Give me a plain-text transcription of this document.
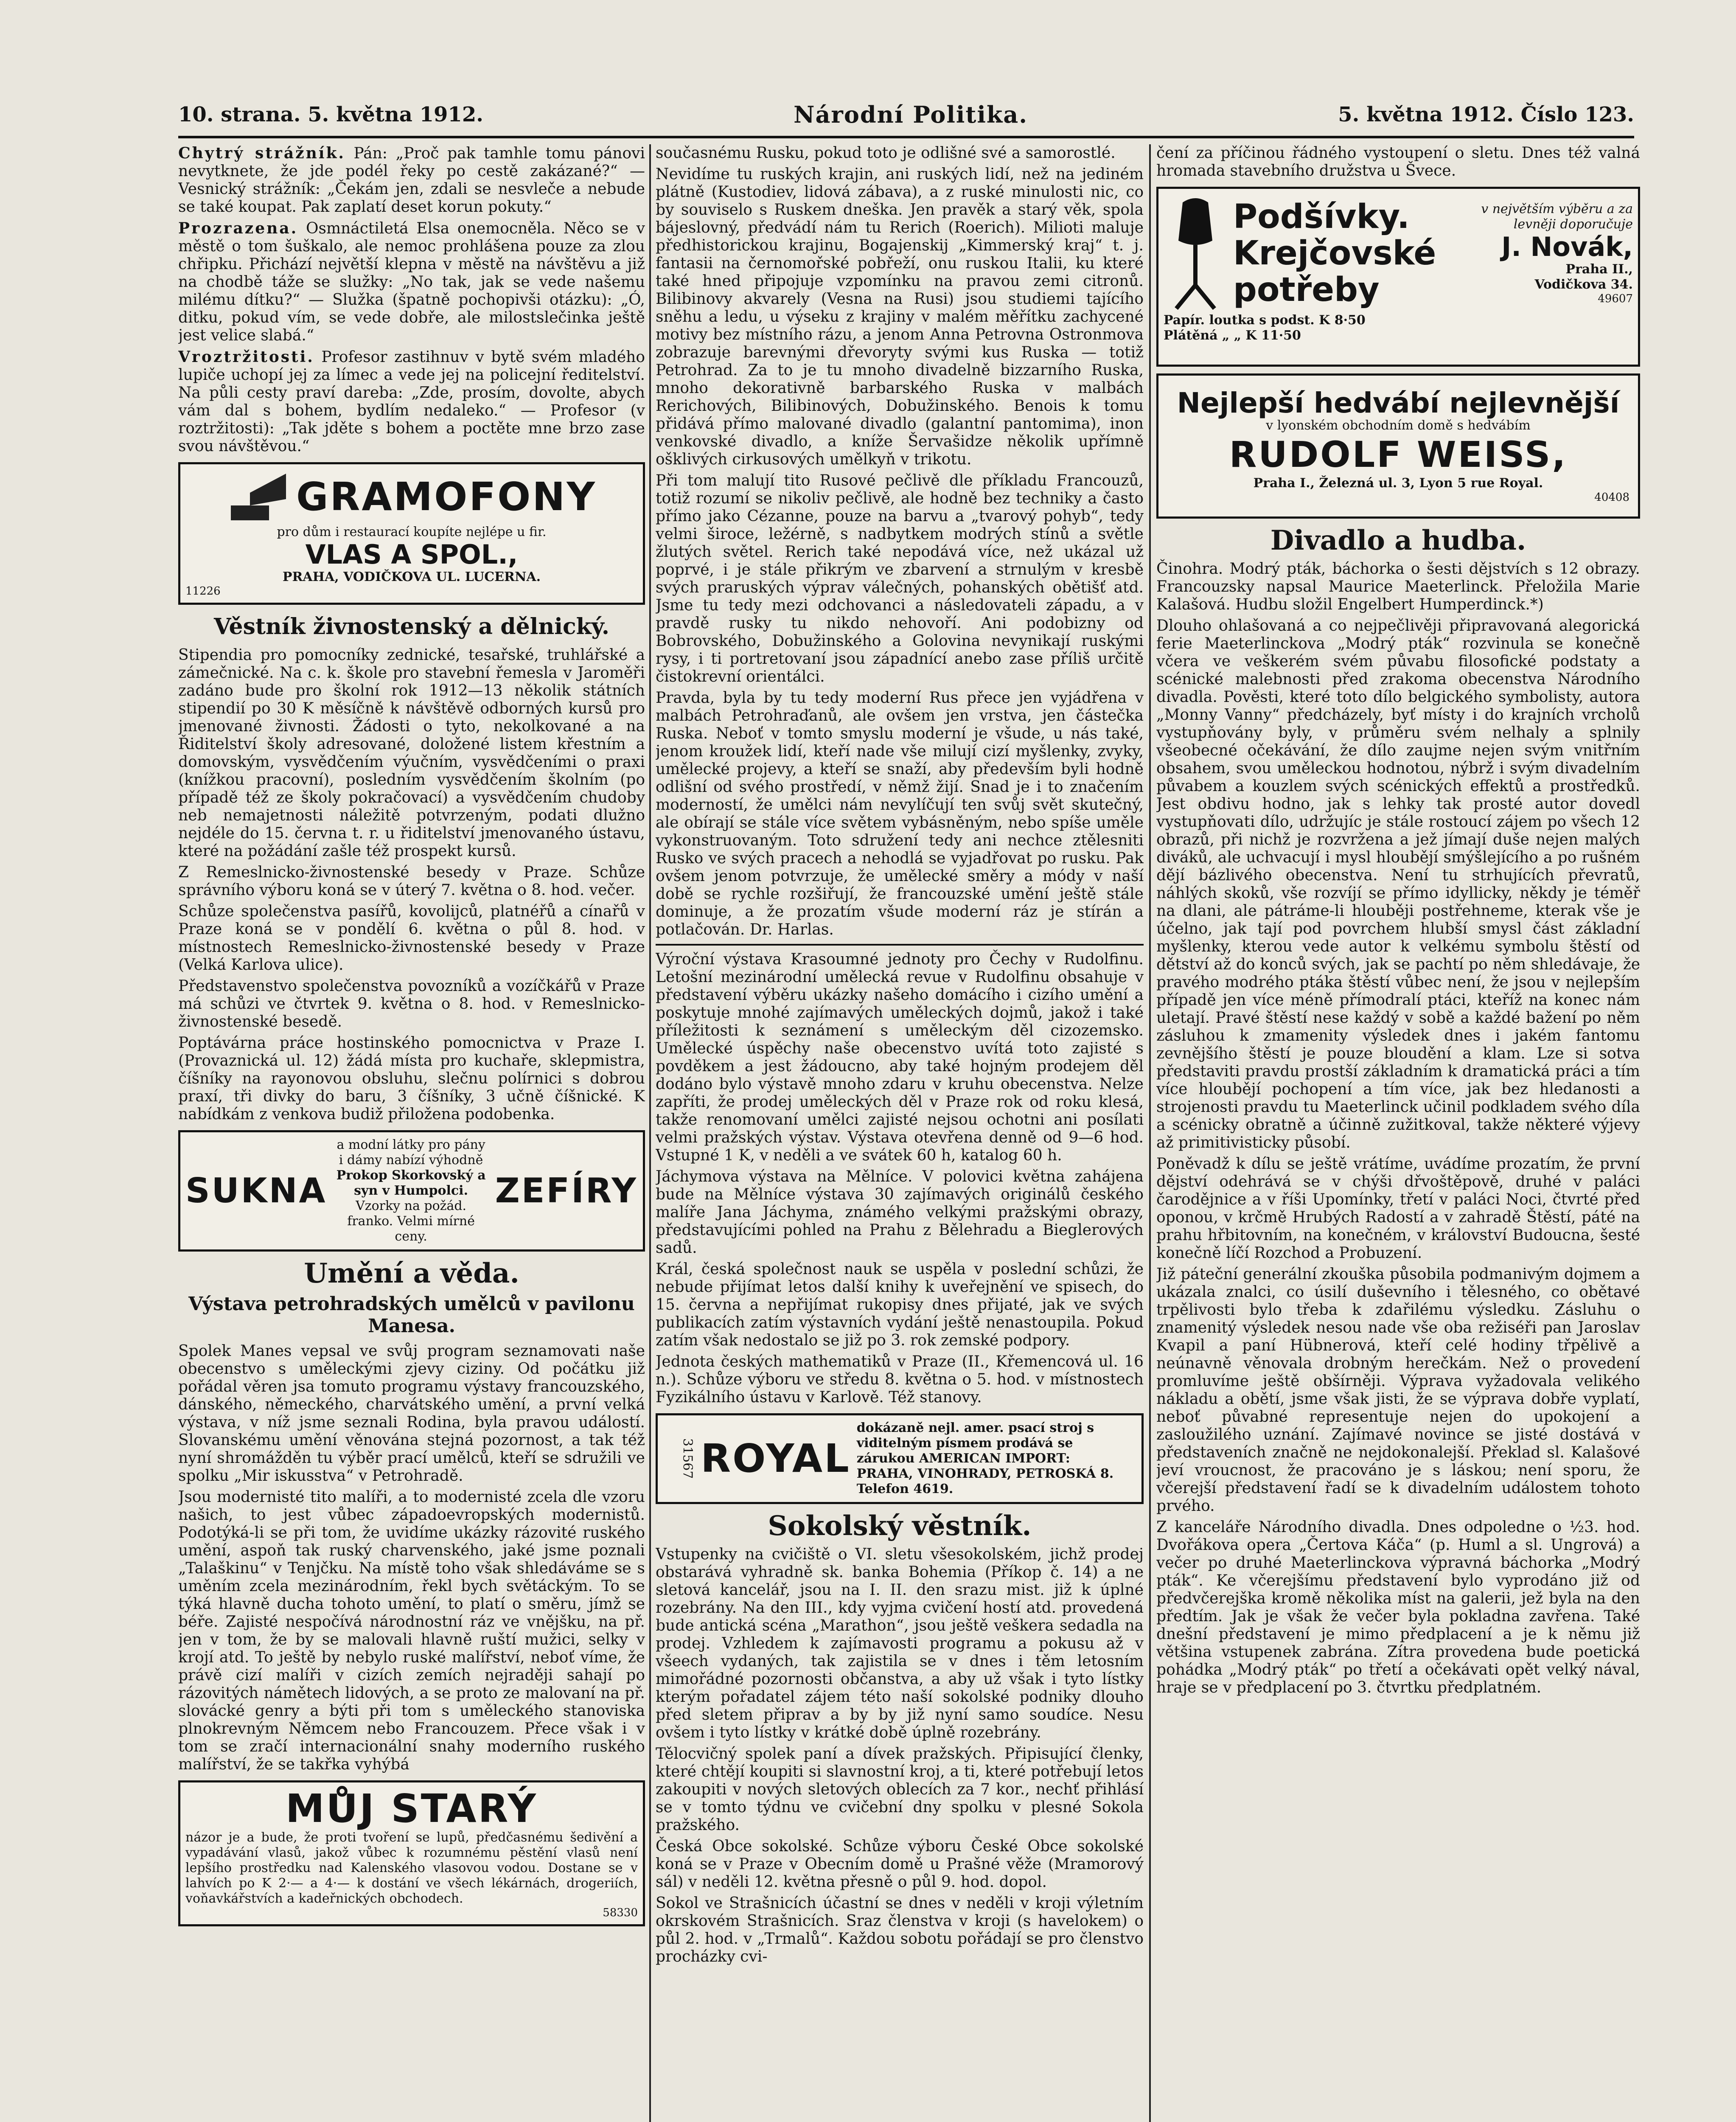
10. strana. 5. května 1912.	Národní Politika.	5. května 1912. Číslo 123.

Chytrý strážník. Pán: „Proč pak tamhle tomu pánovi nevytknete, že jde podél řeky po cestě zakázané?“ — Vesnický strážník: „Čekám jen, zdali se nesvleče a nebude se také koupat. Pak zaplatí deset korun pokuty.“

Prozrazena. Osmnáctiletá Elsa onemocněla. Něco se v městě o tom šuškalo, ale nemoc prohlášena pouze za zlou chřipku. Přichází největší klepna v městě na návštěvu a již na chodbě táže se služky: „No tak, jak se vede našemu milému dítku?“ — Služka (špatně pochopivši otázku): „Ó, ditku, pokud vím, se vede dobře, ale milostslečinka ještě jest velice slabá.“

Vroztržitosti. Profesor zastihnuv v bytě svém mladého lupiče uchopí jej za límec a vede jej na policejní ředitelství. Na půli cesty praví dareba: „Zde, prosím, dovolte, abych vám dal s bohem, bydlím nedaleko.“ — Profesor (v roztržitosti): „Tak jděte s bohem a poctěte mne brzo zase svou návštěvou.“

GRAMOFONY
pro dům i restaurací koupíte nejlépe u fir.
VLAS A SPOL.,
PRAHA, VODIČKOVA UL. LUCERNA.
11226
Věstník živnostenský a dělnický.

Stipendia pro pomocníky zednické, tesařské, truhlářské a zámečnické. Na c. k. škole pro stavební řemesla v Jaroměři zadáno bude pro školní rok 1912—13 několik státních stipendií po 30 K měsíčně k návštěvě odborných kursů pro jmenované živnosti. Žádosti o tyto, nekolkované a na Řiditelství školy adresované, doložené listem křestním a domovským, vysvědčením výučním, vysvědčeními o praxi (knížkou pracovní), posledním vysvědčením školním (po případě též ze školy pokračovací) a vysvědčením chudoby neb nemajetnosti náležitě potvrzeným, podati dlužno nejdéle do 15. června t. r. u řiditelství jmenovaného ústavu, které na požádání zašle též prospekt kursů.

Z Remeslnicko-živnostenské besedy v Praze. Schůze správního výboru koná se v úterý 7. května o 8. hod. večer.

Schůze společenstva pasířů, kovolijců, platnéřů a cínařů v Praze koná se v pondělí 6. května o půl 8. hod. v místnostech Remeslnicko-živnostenské besedy v Praze (Velká Karlova ulice).

Představenstvo společenstva povozníků a vozíčkářů v Praze má schůzi ve čtvrtek 9. května o 8. hod. v Remeslnicko-živnostenské besedě.

Poptávárna práce hostinského pomocnictva v Praze I. (Provaznická ul. 12) žádá místa pro kuchaře, sklepmistra, číšníky na rayonovou obsluhu, slečnu polírnici s dobrou praxí, tři divky do baru, 3 číšníky, 3 učně číšnické. K nabídkám z venkova budiž přiložena podobenka.

SUKNA
a modní látky pro pány i dámy nabízí výhodně
Prokop Skorkovský a syn v Humpolci.
Vzorky na požád. franko. Velmi mírné ceny.
ZEFÍRY
Umění a věda.
Výstava petrohradských umělců v pavilonu Manesa.

Spolek Manes vepsal ve svůj program seznamovati naše obecenstvo s uměleckými zjevy ciziny. Od počátku již pořádal věren jsa tomuto programu výstavy francouzského, dánského, německého, charvátského umění, a první velká výstava, v níž jsme seznali Rodina, byla pravou událostí. Slovanskému umění věnována stejná pozornost, a tak též nyní shromážděn tu výběr prací umělců, kteří se sdružili ve spolku „Mir iskusstva“ v Petrohradě.

Jsou modernisté tito malíři, a to modernisté zcela dle vzoru našich, to jest vůbec západoevropských modernistů. Podotýká-li se při tom, že uvidíme ukázky rázovité ruského umění, aspoň tak ruský charvenského, jaké jsme poznali „Talaškinu“ v Tenjčku. Na místě toho však shledáváme se s uměním zcela mezinárodním, řekl bych světáckým. To se týká hlavně ducha tohoto umění, to platí o směru, jímž se béře. Zajisté nespočívá národnostní ráz ve vnějšku, na př. jen v tom, že by se malovali hlavně ruští mužici, selky v krojí atd. To ještě by nebylo ruské malířství, neboť víme, že právě cizí malíři v cizích zemích nejraději sahají po rázovitých námětech lidových, a se proto ze malovaní na př. slovácké genry a býti při tom s uměleckého stanoviska plnokrevným Němcem nebo Francouzem. Přece však i v tom se zračí internacionální snahy moderního ruského malířství, že se takřka vyhýbá

MŮJ STARÝ
názor je a bude, že proti tvoření se lupů, předčasnému šedivění a vypadávání vlasů, jakož vůbec k rozumnému pěstění vlasů není lepšího prostředku nad Kalenského vlasovou vodou. Dostane se v lahvích po K 2·— a 4·— k dostání ve všech lékárnách, drogeriích, voňavkářstvích a kadeřnických obchodech.
58330

současnému Rusku, pokud toto je odlišné své a samorostlé.

Nevidíme tu ruských krajin, ani ruských lidí, než na jediném plátně (Kustodiev, lidová zábava), a z ruské minulosti nic, co by souviselo s Ruskem dneška. Jen pravěk a starý věk, spola bájeslovný, předvádí nám tu Rerich (Roerich). Milioti maluje předhistorickou krajinu, Bogajenskij „Kimmerský kraj“ t. j. fantasii na černomořské pobřeží, onu ruskou Italii, ku které také hned připojuje vzpomínku na pravou zemi citronů. Bilibinovy akvarely (Vesna na Rusi) jsou studiemi tajícího sněhu a ledu, u výseku z krajiny v malém měřítku zachycené motivy bez místního rázu, a jenom Anna Petrovna Ostronmova zobrazuje barevnými dřevoryty svými kus Ruska — totiž Petrohrad. Za to je tu mnoho divadelně bizzarního Ruska, mnoho dekorativně barbarského Ruska v malbách Rerichových, Bilibinových, Dobužinského. Benois k tomu přidává přímo malované divadlo (galantní pantomima), inon venkovské divadlo, a kníže Šervašidze několik upřímně ošklivých cirkusových umělkyň v trikotu.

Při tom malují tito Rusové pečlivě dle příkladu Francouzů, totiž rozumí se nikoliv pečlivě, ale hodně bez techniky a často přímo jako Cézanne, pouze na barvu a „tvarový pohyb“, tedy velmi široce, ležérně, s nadbytkem modrých stínů a světle žlutých světel. Rerich také nepodává více, než ukázal už poprvé, i je stále přikrým ve zbarvení a strnulým v kresbě svých praruských výprav válečných, pohanských obětišť atd. Jsme tu tedy mezi odchovanci a následovateli západu, a v pravdě rusky tu nikdo nehovoří. Ani podobizny od Bobrovského, Dobužinského a Golovina nevynikají ruskými rysy, i ti portretovaní jsou západnící anebo zase příliš určitě čistokrevní orientálci.

Pravda, byla by tu tedy moderní Rus přece jen vyjádřena v malbách Petrohraďanů, ale ovšem jen vrstva, jen částečka Ruska. Neboť v tomto smyslu moderní je všude, u nás také, jenom kroužek lidí, kteří nade vše milují cizí myšlenky, zvyky, umělecké projevy, a kteří se snaží, aby především byli hodně odlišní od svého prostředí, v němž žijí. Snad je i to značením moderností, že umělci nám nevylíčují ten svůj svět skutečný, ale obírají se stále více světem vybásněným, nebo spíše uměle vykonstruovaným. Toto sdružení tedy ani nechce ztělesniti Rusko ve svých pracech a nehodlá se vyjadřovat po rusku. Pak ovšem jenom potvrzuje, že umělecké směry a módy v naší době se rychle rozšiřují, že francouzské umění ještě stále dominuje, a že prozatím všude moderní ráz je stírán a potlačován. Dr. Harlas.

Výroční výstava Krasoumné jednoty pro Čechy v Rudolfinu. Letošní mezinárodní umělecká revue v Rudolfinu obsahuje v představení výběru ukázky našeho domácího i cizího umění a poskytuje mnohé zajímavých uměleckých dojmů, jakož i také příležitosti k seznámení s uměleckým děl cizozemsko. Umělecké úspěchy naše obecenstvo uvítá toto zajisté s povděkem a jest žádoucno, aby také hojným prodejem děl dodáno bylo výstavě mnoho zdaru v kruhu obecenstva. Nelze zapříti, že prodej uměleckých děl v Praze rok od roku klesá, takže renomovaní umělci zajisté nejsou ochotni ani posílati velmi pražských výstav. Výstava otevřena denně od 9—6 hod. Vstupné 1 K, v neděli a ve svátek 60 h, katalog 60 h.

Jáchymova výstava na Mělníce. V polovici května zahájena bude na Mělníce výstava 30 zajímavých originálů českého malíře Jana Jáchyma, známého velkými pražskými obrazy, představujícími pohled na Prahu z Bělehradu a Bieglerových sadů.

Král, česká společnost nauk se uspěla v poslední schůzi, že nebude přijímat letos další knihy k uveřejnění ve spisech, do 15. června a nepřijímat rukopisy dnes přijaté, jak ve svých publikacích zatím výstavních vydání ještě nenastoupila. Pokud zatím však nedostalo se již po 3. rok zemské podpory.

Jednota českých mathematiků v Praze (II., Křemencová ul. 16 n.). Schůze výboru ve středu 8. května o 5. hod. v místnostech Fyzikálního ústavu v Karlově. Též stanovy.

31567 ROYAL
dokázaně nejl. amer. psací stroj s viditelným písmem prodává se zárukou AMERICAN IMPORT: PRAHA, VINOHRADY, PETROSKÁ 8. Telefon 4619.
Sokolský věstník.

Vstupenky na cvičiště o VI. sletu všesokolském, jichž prodej obstarává vyhradně sk. banka Bohemia (Příkop č. 14) a ne sletová kancelář, jsou na I. II. den srazu mist. již k úplné rozebrány. Na den III., kdy vyjma cvičení hostí atd. provedená bude antická scéna „Marathon“, jsou ještě veškera sedadla na prodej. Vzhledem k zajímavosti programu a pokusu až v všeech vydaných, tak zajistila se v dnes i těm letosním mimořádné pozornosti občanstva, a aby už však i tyto lístky kterým pořadatel zájem této naší sokolské podniky dlouho před sletem připrav a by by již nyní samo soudíce. Nesu ovšem i tyto lístky v krátké době úplně rozebrány.

Tělocvičný spolek paní a dívek pražských. Připisující členky, které chtějí koupiti si slavnostní kroj, a ti, které potřebují letos zakoupiti v nových sletových oblecích za 7 kor., nechť přihlásí se v tomto týdnu ve cvičební dny spolku v plesné Sokola pražského.

Česká Obce sokolské. Schůze výboru České Obce sokolské koná se v Praze v Obecním domě u Prašné věže (Mramorový sál) v neděli 12. května přesně o půl 9. hod. dopol.

Sokol ve Strašnicích účastní se dnes v neděli v kroji výletním okrskovém Strašnicích. Sraz členstva v kroji (s havelokem) o půl 2. hod. v „Trmalů“. Každou sobotu pořádají se pro členstvo procházky cvi-

čení za příčinou řádného vystoupení o sletu. Dnes též valná hromada stavebního družstva u Švece.

Podšívky.
Krejčovské
potřeby
v největším výběru a za levněji doporučuje
J. Novák,
Praha II.,
Vodičkova 34.
49607
Papír. loutka s podst. K 8·50
Plátěná „ „ K 11·50
Nejlepší hedvábí nejlevnější
v lyonském obchodním domě s hedvábím
RUDOLF WEISS,
Praha I., Železná ul. 3, Lyon 5 rue Royal.
40408
Divadlo a hudba.

Činohra. Modrý pták, báchorka o šesti dějstvích s 12 obrazy. Francouzsky napsal Maurice Maeterlinck. Přeložila Marie Kalašová. Hudbu složil Engelbert Humperdinck.*)

Dlouho ohlašovaná a co nejpečlivěji připravovaná alegorická ferie Maeterlinckova „Modrý pták“ rozvinula se konečně včera ve veškerém svém půvabu filosofické podstaty a scénické malebnosti před zrakoma obecenstva Národního divadla. Pověsti, které toto dílo belgického symbolisty, autora „Monny Vanny“ předcházely, byť místy i do krajních vrcholů vystupňovány byly, v průměru svém nelhaly a splnily všeobecné očekávání, že dílo zaujme nejen svým vnitřním obsahem, svou uměleckou hodnotou, nýbrž i svým divadelním půvabem a kouzlem svých scénických effektů a prostředků. Jest obdivu hodno, jak s lehky tak prosté autor dovedl vystupňovati dílo, udržujíc je stále rostoucí zájem po všech 12 obrazů, při nichž je rozvržena a jež jímají duše nejen malých diváků, ale uchvacují i mysl hloubějí smýšlejícího a po rušném dějí bázlivého obecenstva. Není tu strhujících převratů, náhlých skoků, vše rozvíjí se přímo idyllicky, někdy je téměř na dlani, ale pátráme-li hlouběji postřehneme, kterak vše je účelno, jak tají pod povrchem hlubší smysl část základní myšlenky, kterou vede autor k velkému symbolu štěstí od dětství až do konců svých, jak se pachtí po něm shledávaje, že pravého modrého ptáka štěstí vůbec není, že jsou v nejlepším případě jen více méně přímodralí ptáci, kteříž na konec nám uletají. Pravé štěstí nese každý v sobě a každé bažení po něm zásluhou k zmamenity výsledek dnes i jakém fantomu zevnějšího štěstí je pouze bloudění a klam. Lze si sotva představiti pravdu prostší základním k dramatická práci a tím více hloubějí pochopení a tím více, jak bez hledanosti a strojenosti pravdu tu Maeterlinck učinil podkladem svého díla a scénicky obratně a účinně zužitkoval, takže některé výjevy až primitivisticky působí.

Poněvadž k dílu se ještě vrátíme, uvádíme prozatím, že první dějství odehrává se v chýši dřvoštěpově, druhé v paláci čarodějnice a v říši Upomínky, třetí v paláci Noci, čtvrté před oponou, v krčmě Hrubých Radostí a v zahradě Štěstí, páté na prahu hřbitovním, na konečném, v království Budoucna, šesté konečně líčí Rozchod a Probuzení.

Již páteční generální zkouška působila podmanivým dojmem a ukázala znalci, co úsilí duševního i tělesného, co obětavé trpělivosti bylo třeba k zdařilému výsledku. Zásluhu o znamenitý výsledek nesou nade vše oba režiséři pan Jaroslav Kvapil a paní Hübnerová, kteří celé hodiny třpělivě a neúnavně věnovala drobným herečkám. Než o provedení promluvíme ještě obšírněji. Výprava vyžadovala velikého nákladu a obětí, jsme však jisti, že se výprava dobře vyplatí, neboť půvabné representuje nejen do upokojení a zasloužilého uznání. Zajímavé novince se jisté dostává v představeních značně ne nejdokonalejší. Překlad sl. Kalašové jeví vroucnost, že pracováno je s láskou; není sporu, že včerejší představení řadí se k divadelním událostem tohoto prvého.

Z kanceláře Národního divadla. Dnes odpoledne o ½3. hod. Dvořákova opera „Čertova Káča“ (p. Huml a sl. Ungrová) a večer po druhé Maeterlinckova výpravná báchorka „Modrý pták“. Ke včerejšímu představení bylo vyprodáno již od předvčerejška kromě několika míst na galerii, jež byla na den předtím. Jak je však že večer byla pokladna zavřena. Také dnešní představení je mimo předplacení a je k němu již většina vstupenek zabrána. Zítra provedena bude poetická pohádka „Modrý pták“ po třetí a očekávati opět velký nával, hraje se v předplacení po 3. čtvrtku předplatném.
